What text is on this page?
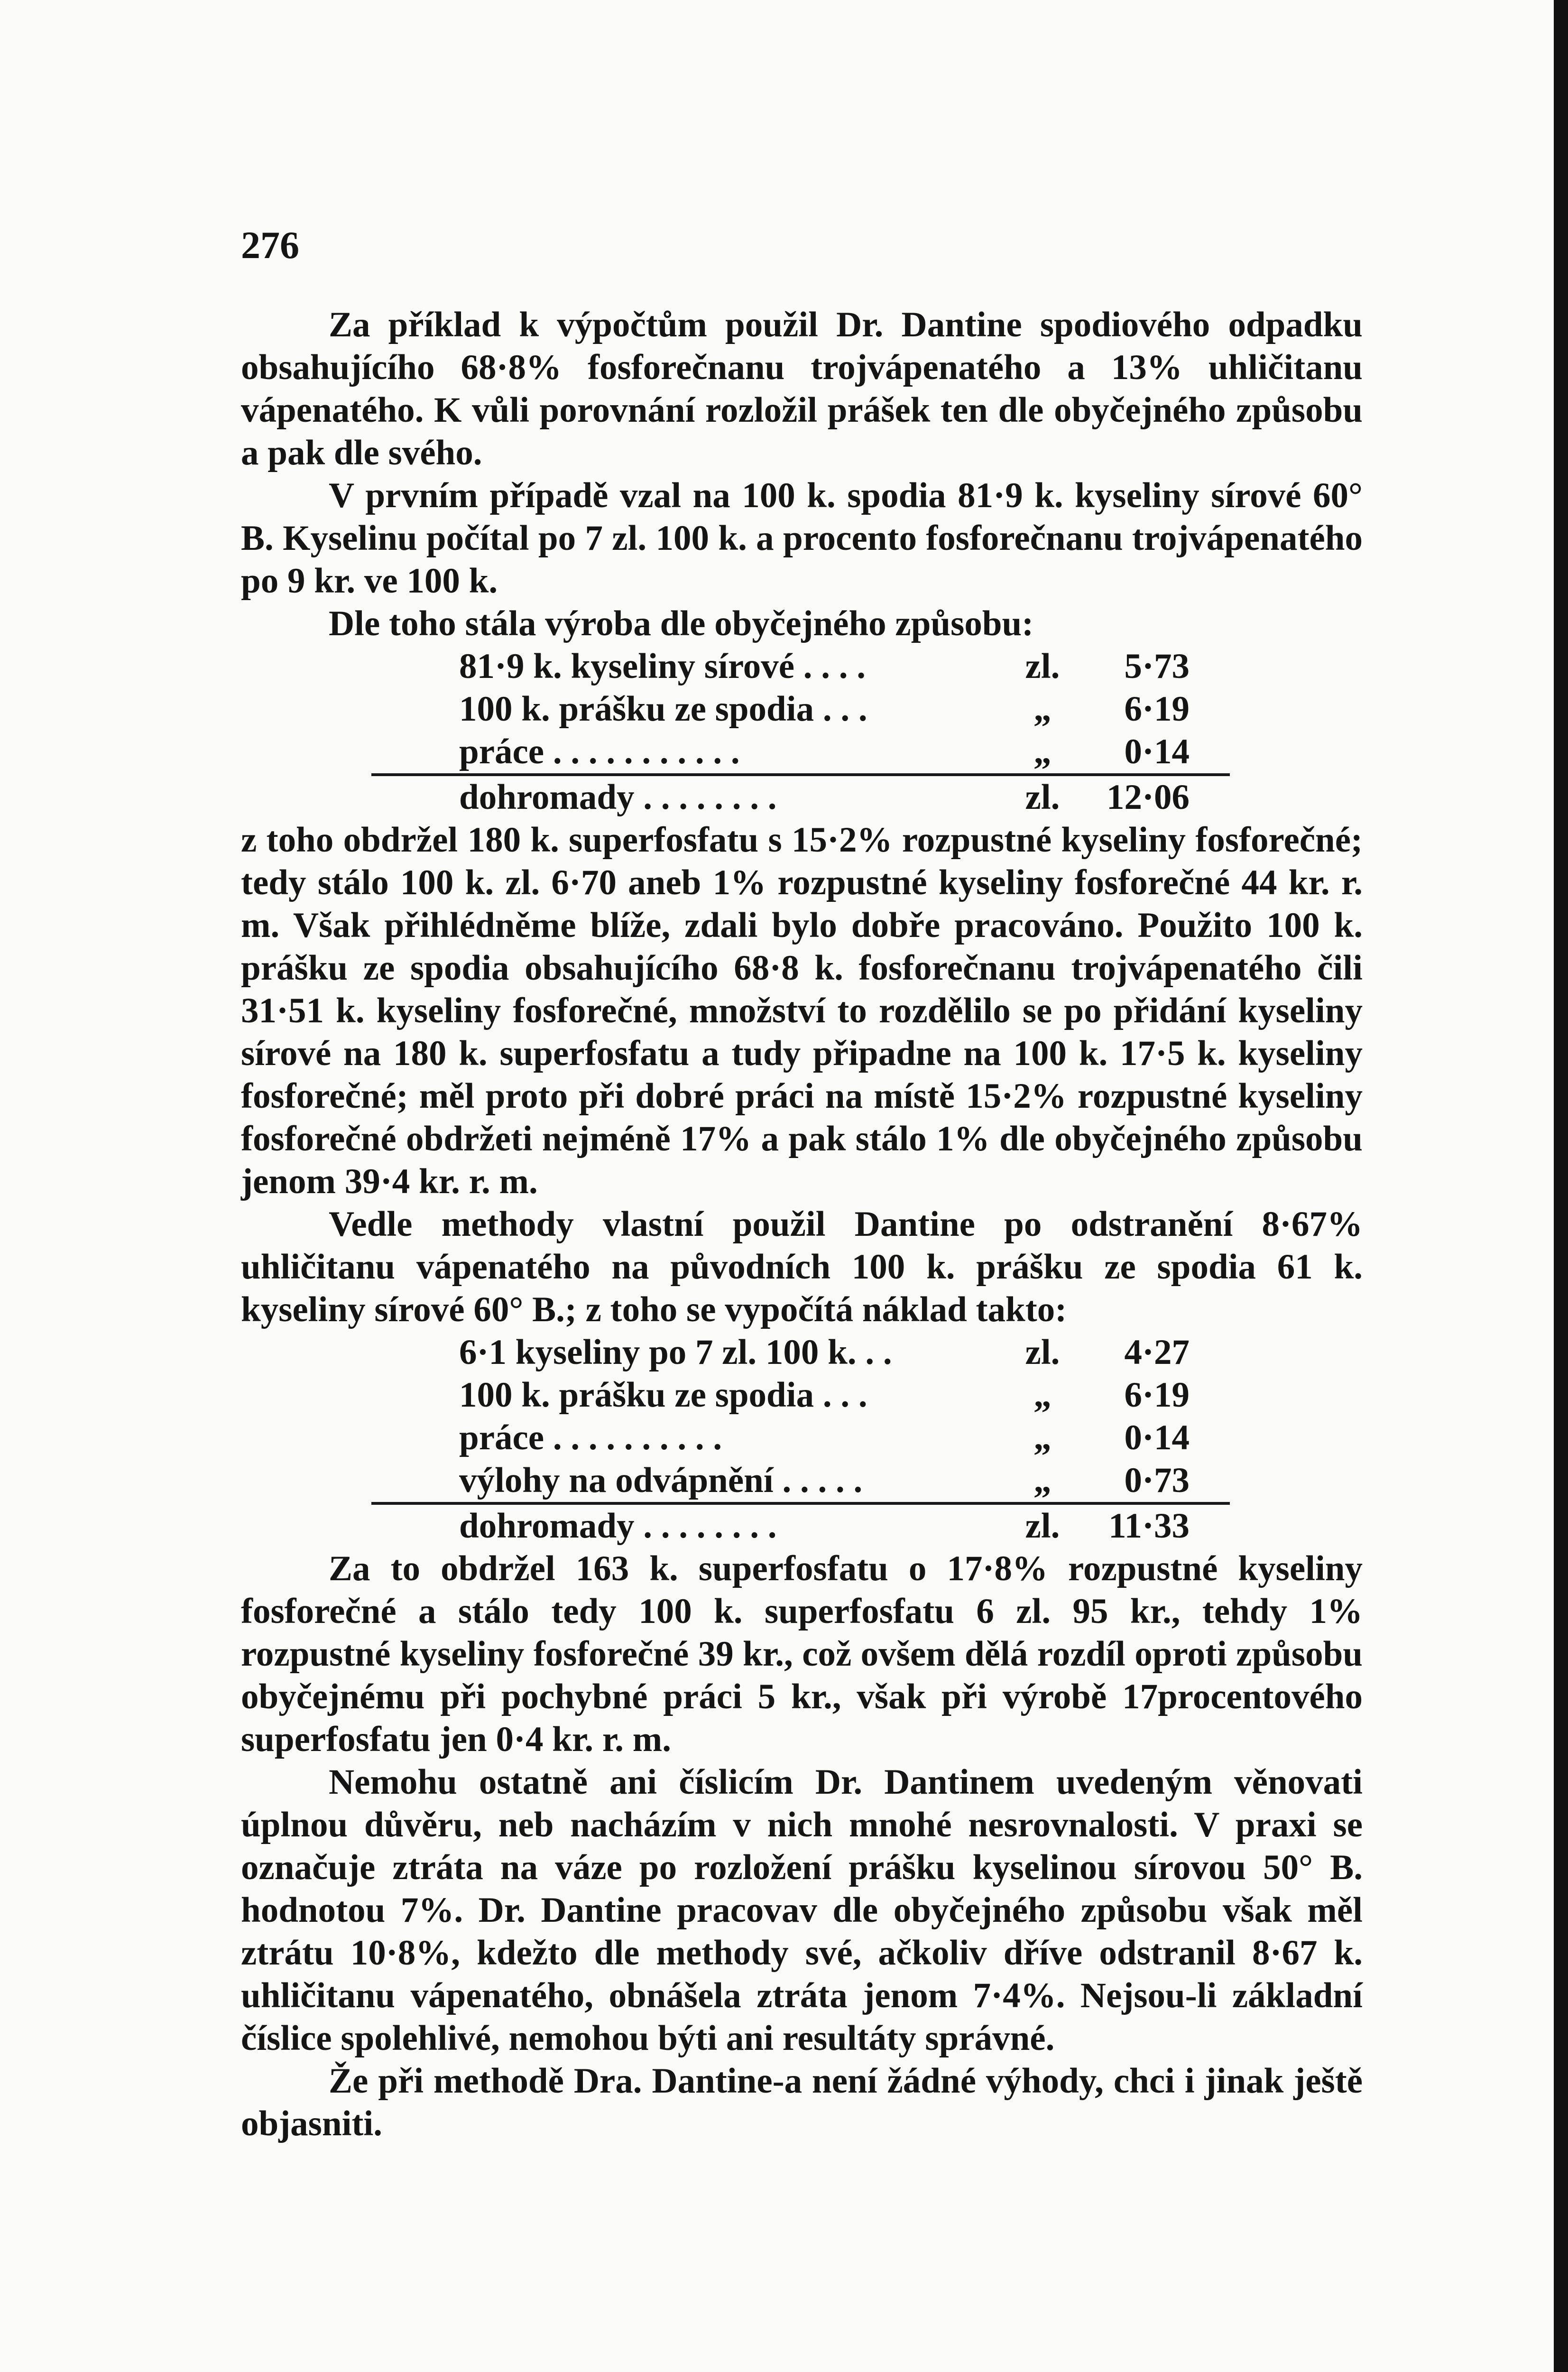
276

Za příklad k výpočtům použil Dr. Dantine spodiového odpadku obsahujícího 68·8% fosforečnanu trojvápenatého a 13% uhličitanu vápenatého. K vůli porovnání rozložil prášek ten dle obyčejného způsobu a pak dle svého.

V prvním případě vzal na 100 k. spodia 81·9 k. kyseliny sírové 60° B. Kyselinu počítal po 7 zl. 100 k. a procento fosforečnanu trojvápenatého po 9 kr. ve 100 k.

Dle toho stála výroba dle obyčejného způsobu:

81·9 k. kyseliny sírové . . . .	zl.	5·73
100 k. prášku ze spodia . . .	„	6·19
práce . . . . . . . . . . .	„	0·14
dohromady . . . . . . . .	zl.	12·06

z toho obdržel 180 k. superfosfatu s 15·2% rozpustné kyseliny fosforečné; tedy stálo 100 k. zl. 6·70 aneb 1% rozpustné kyseliny fosforečné 44 kr. r. m. Však přihlédněme blíže, zdali bylo dobře pracováno. Použito 100 k. prášku ze spodia obsahujícího 68·8 k. fosforečnanu trojvápenatého čili 31·51 k. kyseliny fosforečné, množství to rozdělilo se po přidání kyseliny sírové na 180 k. superfosfatu a tudy připadne na 100 k. 17·5 k. kyseliny fosforečné; měl proto při dobré práci na místě 15·2% rozpustné kyseliny fosforečné obdržeti nejméně 17% a pak stálo 1% dle obyčejného způsobu jenom 39·4 kr. r. m.

Vedle methody vlastní použil Dantine po odstranění 8·67% uhličitanu vápenatého na původních 100 k. prášku ze spodia 61 k. kyseliny sírové 60° B.; z toho se vypočítá náklad takto:

6·1 kyseliny po 7 zl. 100 k. . .	zl.	4·27
100 k. prášku ze spodia . . .	„	6·19
práce . . . . . . . . . .	„	0·14
výlohy na odvápnění . . . . .	„	0·73
dohromady . . . . . . . .	zl.	11·33

Za to obdržel 163 k. superfosfatu o 17·8% rozpustné kyseliny fosforečné a stálo tedy 100 k. superfosfatu 6 zl. 95 kr., tehdy 1% rozpustné kyseliny fosforečné 39 kr., což ovšem dělá rozdíl oproti způsobu obyčejnému při pochybné práci 5 kr., však při výrobě 17procentového superfosfatu jen 0·4 kr. r. m.

Nemohu ostatně ani číslicím Dr. Dantinem uvedeným věnovati úplnou důvěru, neb nacházím v nich mnohé nesrovnalosti. V praxi se označuje ztráta na váze po rozložení prášku kyselinou sírovou 50° B. hodnotou 7%. Dr. Dantine pracovav dle obyčejného způsobu však měl ztrátu 10·8%, kdežto dle methody své, ačkoliv dříve odstranil 8·67 k. uhličitanu vápenatého, obnášela ztráta jenom 7·4%. Nejsou-li základní číslice spolehlivé, nemohou býti ani resultáty správné.

Že při methodě Dra. Dantine-a není žádné výhody, chci i jinak ještě objasniti.
